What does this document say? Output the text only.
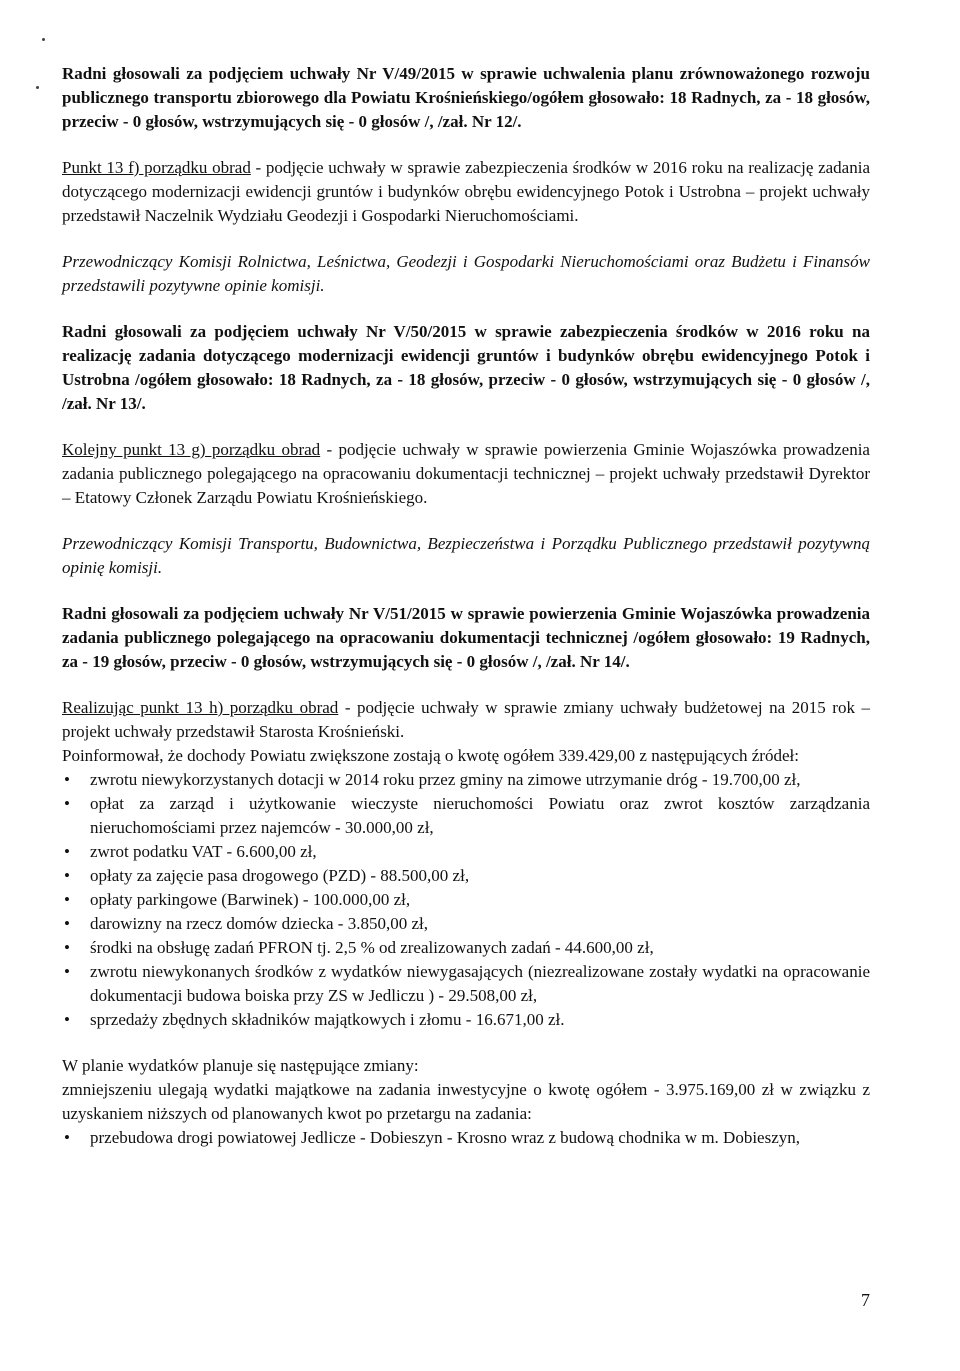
Radni głosowali za podjęciem uchwały Nr V/49/2015 w sprawie uchwalenia planu zrównoważonego rozwoju publicznego transportu zbiorowego dla Powiatu Krośnieńskiego/ogółem głosowało: 18 Radnych, za - 18 głosów, przeciw - 0 głosów, wstrzymujących się - 0 głosów /, /zał. Nr 12/.

Punkt 13 f) porządku obrad - podjęcie uchwały w sprawie zabezpieczenia środków w 2016 roku na realizację zadania dotyczącego modernizacji ewidencji gruntów i budynków obrębu ewidencyjnego Potok i Ustrobna – projekt uchwały przedstawił Naczelnik Wydziału Geodezji i Gospodarki Nieruchomościami.

Przewodniczący Komisji Rolnictwa, Leśnictwa, Geodezji i Gospodarki Nieruchomościami oraz Budżetu i Finansów przedstawili pozytywne opinie komisji.

Radni głosowali za podjęciem uchwały Nr V/50/2015 w sprawie zabezpieczenia środków w 2016 roku na realizację zadania dotyczącego modernizacji ewidencji gruntów i budynków obrębu ewidencyjnego Potok i Ustrobna /ogółem głosowało: 18 Radnych, za - 18 głosów, przeciw - 0 głosów, wstrzymujących się - 0 głosów /, /zał. Nr 13/.

Kolejny punkt 13 g) porządku obrad - podjęcie uchwały w sprawie powierzenia Gminie Wojaszówka prowadzenia zadania publicznego polegającego na opracowaniu dokumentacji technicznej – projekt uchwały przedstawił Dyrektor – Etatowy Członek Zarządu Powiatu Krośnieńskiego.

Przewodniczący Komisji Transportu, Budownictwa, Bezpieczeństwa i Porządku Publicznego przedstawił pozytywną opinię komisji.

Radni głosowali za podjęciem uchwały Nr V/51/2015 w sprawie powierzenia Gminie Wojaszówka prowadzenia zadania publicznego polegającego na opracowaniu dokumentacji technicznej /ogółem głosowało: 19 Radnych, za - 19 głosów, przeciw - 0 głosów, wstrzymujących się - 0 głosów /, /zał. Nr 14/.

Realizując punkt 13 h) porządku obrad - podjęcie uchwały w sprawie zmiany uchwały budżetowej na 2015 rok – projekt uchwały przedstawił Starosta Krośnieński.

Poinformował, że dochody Powiatu zwiększone zostają o kwotę ogółem 339.429,00 z następujących źródeł:

• zwrotu niewykorzystanych dotacji w 2014 roku przez gminy na zimowe utrzymanie dróg - 19.700,00 zł,
• opłat za zarząd i użytkowanie wieczyste nieruchomości Powiatu oraz zwrot kosztów zarządzania nieruchomościami przez najemców - 30.000,00 zł,
• zwrot podatku VAT - 6.600,00 zł,
• opłaty za zajęcie pasa drogowego (PZD) - 88.500,00 zł,
• opłaty parkingowe (Barwinek) - 100.000,00 zł,
• darowizny na rzecz domów dziecka - 3.850,00 zł,
• środki na obsługę zadań PFRON tj. 2,5 % od zrealizowanych zadań - 44.600,00 zł,
• zwrotu niewykonanych środków z wydatków niewygasających (niezrealizowane zostały wydatki na opracowanie dokumentacji budowa boiska przy ZS w Jedliczu ) - 29.508,00 zł,
• sprzedaży zbędnych składników majątkowych i złomu - 16.671,00 zł.

W planie wydatków planuje się następujące zmiany:

zmniejszeniu ulegają wydatki majątkowe na zadania inwestycyjne o kwotę ogółem - 3.975.169,00 zł w związku z uzyskaniem niższych od planowanych kwot po przetargu na zadania:

• przebudowa drogi powiatowej Jedlicze - Dobieszyn - Krosno wraz z budową chodnika w m. Dobieszyn,
7
